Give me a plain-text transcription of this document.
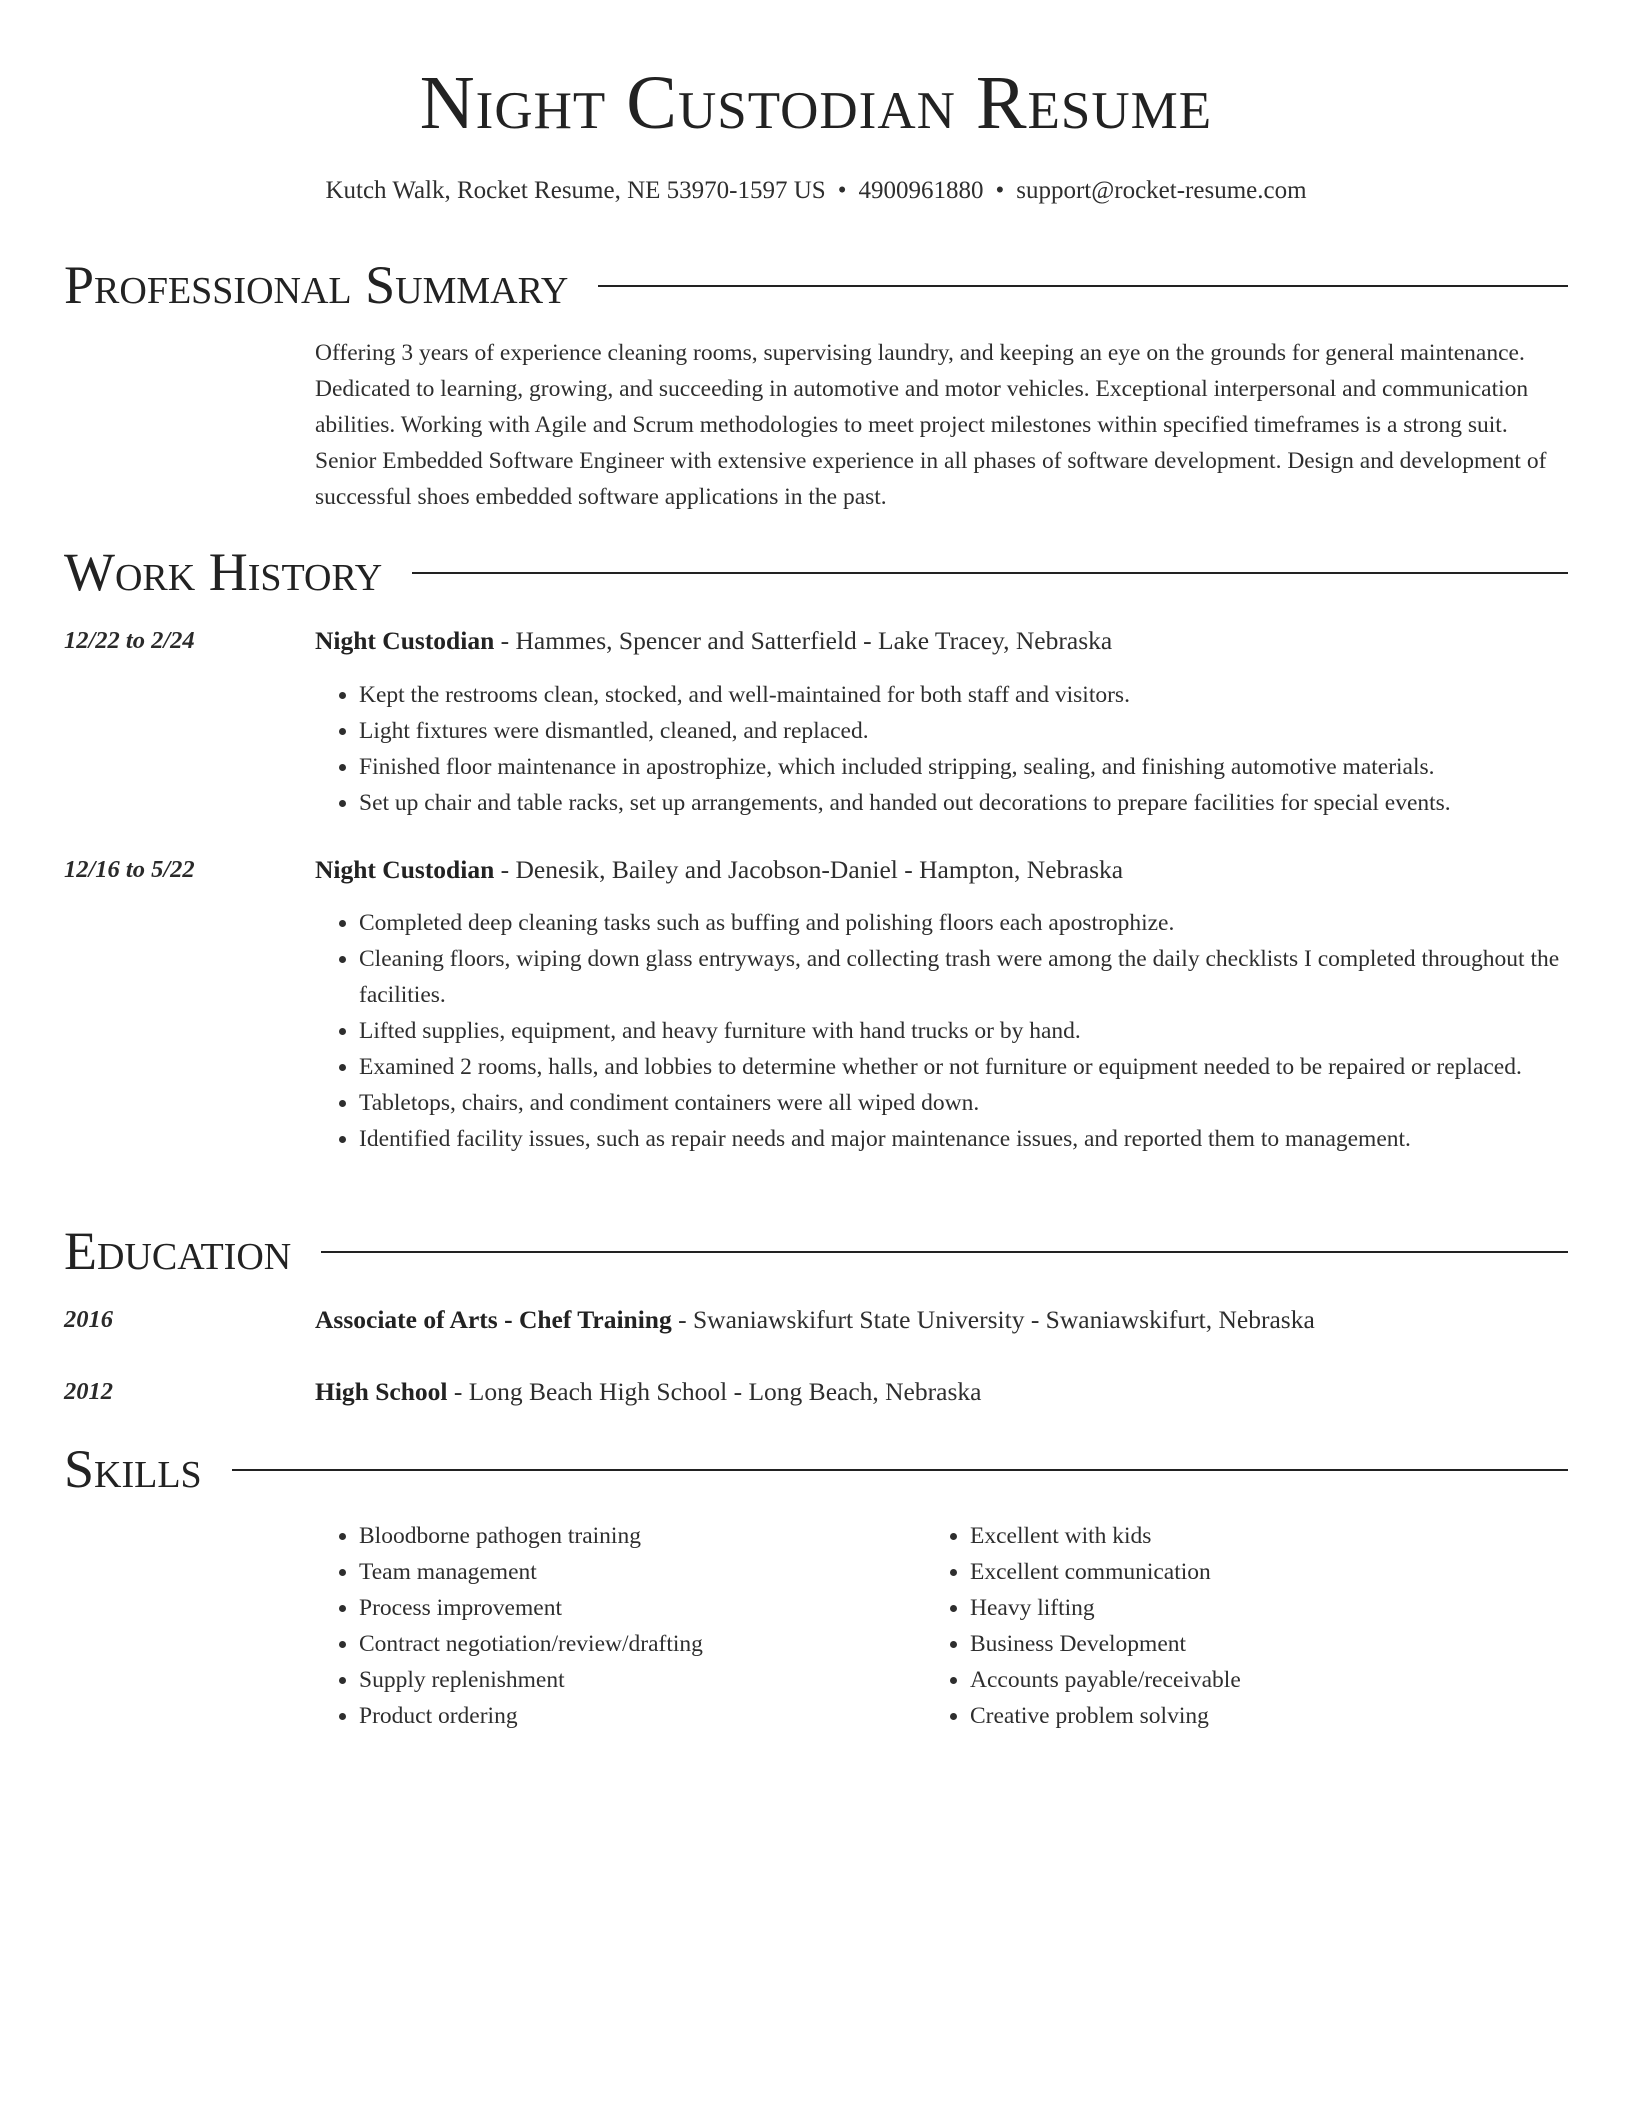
Night Custodian Resume
Kutch Walk, Rocket Resume, NE 53970-1597 US • 4900961880 • support@rocket-resume.com
Professional Summary
Offering 3 years of experience cleaning rooms, supervising laundry, and keeping an eye on the grounds for general maintenance. Dedicated to learning, growing, and succeeding in automotive and motor vehicles. Exceptional interpersonal and communication abilities. Working with Agile and Scrum methodologies to meet project milestones within specified timeframes is a strong suit. Senior Embedded Software Engineer with extensive experience in all phases of software development. Design and development of successful shoes embedded software applications in the past.
Work History
12/22 to 2/24	Night Custodian - Hammes, Spencer and Satterfield - Lake Tracey, Nebraska
• Kept the restrooms clean, stocked, and well-maintained for both staff and visitors.
• Light fixtures were dismantled, cleaned, and replaced.
• Finished floor maintenance in apostrophize, which included stripping, sealing, and finishing automotive materials.
• Set up chair and table racks, set up arrangements, and handed out decorations to prepare facilities for special events.
12/16 to 5/22	Night Custodian - Denesik, Bailey and Jacobson-Daniel - Hampton, Nebraska
• Completed deep cleaning tasks such as buffing and polishing floors each apostrophize.
• Cleaning floors, wiping down glass entryways, and collecting trash were among the daily checklists I completed throughout the facilities.
• Lifted supplies, equipment, and heavy furniture with hand trucks or by hand.
• Examined 2 rooms, halls, and lobbies to determine whether or not furniture or equipment needed to be repaired or replaced.
• Tabletops, chairs, and condiment containers were all wiped down.
• Identified facility issues, such as repair needs and major maintenance issues, and reported them to management.
Education
2016	Associate of Arts - Chef Training - Swaniawskifurt State University - Swaniawskifurt, Nebraska
2012	High School - Long Beach High School - Long Beach, Nebraska
Skills
• Bloodborne pathogen training
• Team management
• Process improvement
• Contract negotiation/review/drafting
• Supply replenishment
• Product ordering
• Excellent with kids
• Excellent communication
• Heavy lifting
• Business Development
• Accounts payable/receivable
• Creative problem solving
